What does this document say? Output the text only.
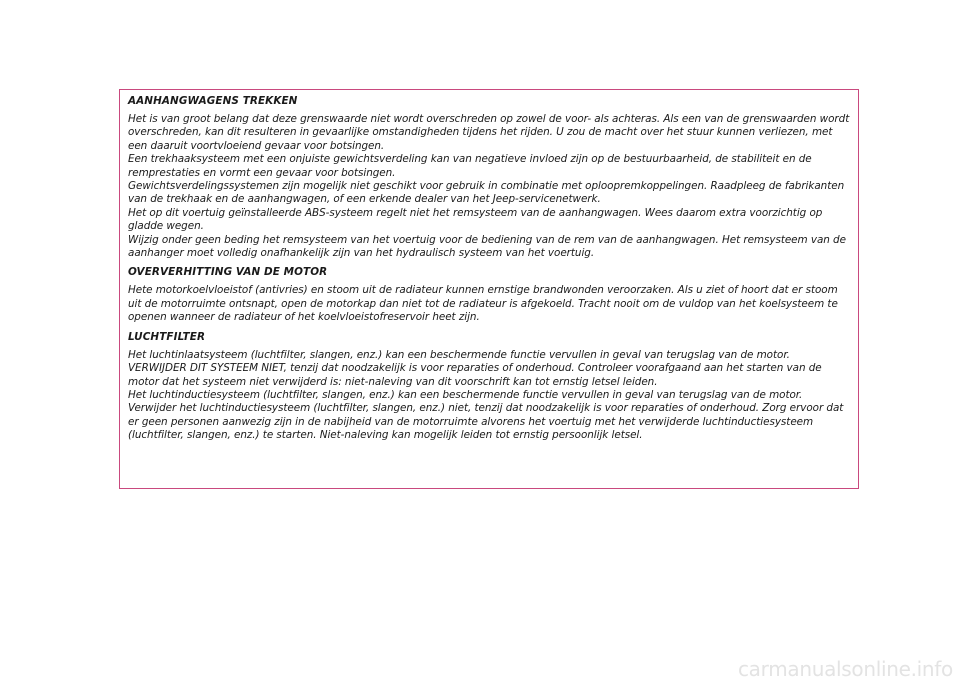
AANHANGWAGENS TREKKEN

Het is van groot belang dat deze grenswaarde niet wordt overschreden op zowel de voor- als achteras. Als een van de grenswaarden wordt overschreden, kan dit resulteren in gevaarlijke omstandigheden tijdens het rijden. U zou de macht over het stuur kunnen verliezen, met een daaruit voortvloeiend gevaar voor botsingen.

Een trekhaaksysteem met een onjuiste gewichtsverdeling kan van negatieve invloed zijn op de bestuurbaarheid, de stabiliteit en de remprestaties en vormt een gevaar voor botsingen.

Gewichtsverdelingssystemen zijn mogelijk niet geschikt voor gebruik in combinatie met oploopremkoppelingen. Raadpleeg de fabrikanten van de trekhaak en de aanhangwagen, of een erkende dealer van het Jeep-servicenetwerk.

Het op dit voertuig geïnstalleerde ABS-systeem regelt niet het remsysteem van de aanhangwagen. Wees daarom extra voorzichtig op gladde wegen.

Wijzig onder geen beding het remsysteem van het voertuig voor de bediening van de rem van de aanhangwagen. Het remsysteem van de aanhanger moet volledig onafhankelijk zijn van het hydraulisch systeem van het voertuig.

OVERVERHITTING VAN DE MOTOR

Hete motorkoelvloeistof (antivries) en stoom uit de radiateur kunnen ernstige brandwonden veroorzaken. Als u ziet of hoort dat er stoom uit de motorruimte ontsnapt, open de motorkap dan niet tot de radiateur is afgekoeld. Tracht nooit om de vuldop van het koelsysteem te openen wanneer de radiateur of het koelvloeistofreservoir heet zijn.

LUCHTFILTER

Het luchtinlaatsysteem (luchtfilter, slangen, enz.) kan een beschermende functie vervullen in geval van terugslag van de motor. VERWIJDER DIT SYSTEEM NIET, tenzij dat noodzakelijk is voor reparaties of onderhoud. Controleer voorafgaand aan het starten van de motor dat het systeem niet verwijderd is: niet-naleving van dit voorschrift kan tot ernstig letsel leiden.

Het luchtinductiesysteem (luchtfilter, slangen, enz.) kan een beschermende functie vervullen in geval van terugslag van de motor. Verwijder het luchtinductiesysteem (luchtfilter, slangen, enz.) niet, tenzij dat noodzakelijk is voor reparaties of onderhoud. Zorg ervoor dat er geen personen aanwezig zijn in de nabijheid van de motorruimte alvorens het voertuig met het verwijderde luchtinductiesysteem (luchtfilter, slangen, enz.) te starten. Niet-naleving kan mogelijk leiden tot ernstig persoonlijk letsel.

carmanualsonline.info
